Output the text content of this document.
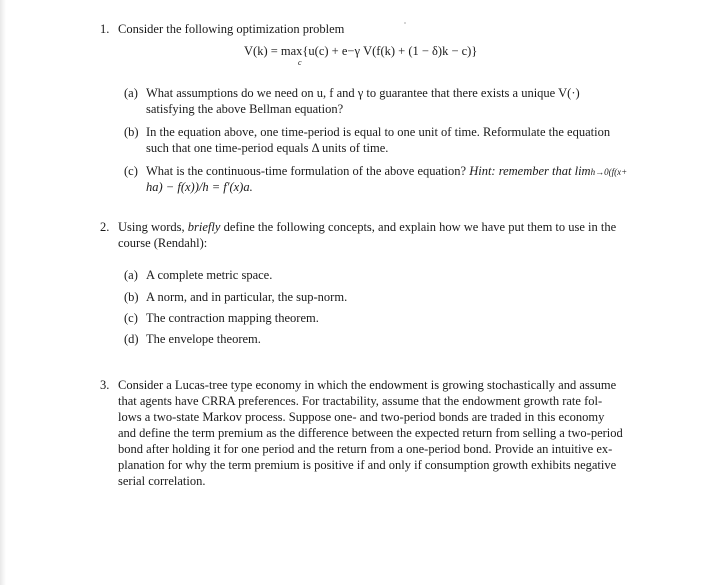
1. Consider the following optimization problem
V(k) = max{u(c) + e−γ V(f(k) + (1 − δ)k − c)}
c
(a) What assumptions do we need on u, f and γ to guarantee that there exists a unique V(·)
satisfying the above Bellman equation?
(b) In the equation above, one time-period is equal to one unit of time. Reformulate the equation
such that one time-period equals Δ units of time.
(c) What is the continuous-time formulation of the above equation? Hint: remember that limh→0(f(x+
ha) − f(x))/h = f′(x)a.
2. Using words, briefly define the following concepts, and explain how we have put them to use in the
course (Rendahl):
(a) A complete metric space.
(b) A norm, and in particular, the sup-norm.
(c) The contraction mapping theorem.
(d) The envelope theorem.
3. Consider a Lucas-tree type economy in which the endowment is growing stochastically and assume
that agents have CRRA preferences. For tractability, assume that the endowment growth rate fol-
lows a two-state Markov process. Suppose one- and two-period bonds are traded in this economy
and define the term premium as the difference between the expected return from selling a two-period
bond after holding it for one period and the return from a one-period bond. Provide an intuitive ex-
planation for why the term premium is positive if and only if consumption growth exhibits negative
serial correlation.
